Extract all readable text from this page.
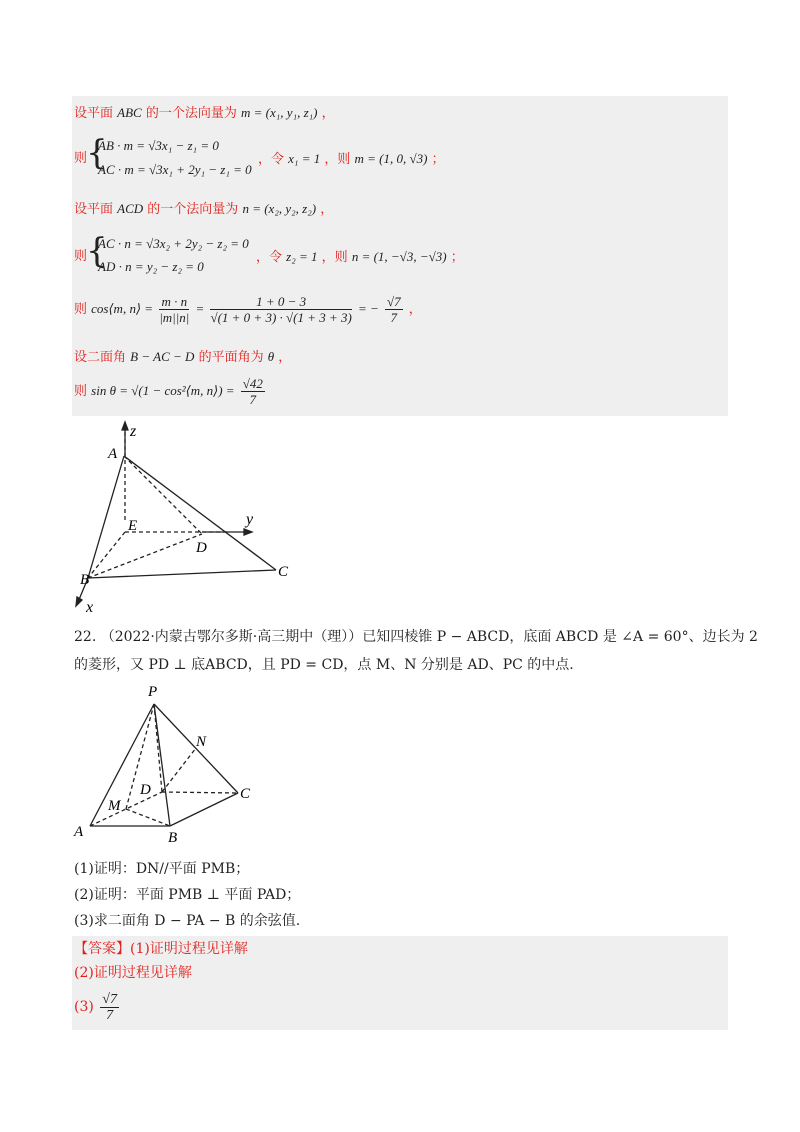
设平面 ABC 的一个法向量为 m = (x₁, y₁, z₁) ，
则
{
AB · m = √3x₁ − z₁ = 0
AC · m = √3x₁ + 2y₁ − z₁ = 0
，令 x₁ = 1 ，则 m = (1, 0, √3) ；
设平面 ACD 的一个法向量为 n = (x₂, y₂, z₂) ，
则
{
AC · n = √3x₂ + 2y₂ − z₂ = 0
AD · n = y₂ − z₂ = 0
，令 z₂ = 1 ，则 n = (1, −√3, −√3) ；
则 cos⟨m, n⟩ = $\frac{m \cdot n}{|m||n|} = \frac{1 + 0 - 3}{√(1 + 0 + 3) \cdot √(1 + 3 + 3)}$ = − $\frac{√7}{7}$ ，
设二面角 B − AC − D 的平面角为 θ ，
则 sin θ = √(1 − cos²⟨m, n⟩) = $\frac{√42}{7}$
z
y
x
A
B	C
D
E
22. （2022·内蒙古鄂尔多斯·高三期中（理））已知四棱锥 P − ABCD，底面 ABCD 是 ∠A = 60°、边长为 2
的菱形，又 PD ⊥ 底ABCD，且 PD = CD，点 M、N 分别是 AD、PC 的中点.
P
N
D	C
M
A	B
(1)证明：DN//平面 PMB；
(2)证明：平面 PMB ⊥ 平面 PAD；
(3)求二面角 D − PA − B 的余弦值.
【答案】(1)证明过程见详解
(2)证明过程见详解
$(3) \frac{√7}{7}$
